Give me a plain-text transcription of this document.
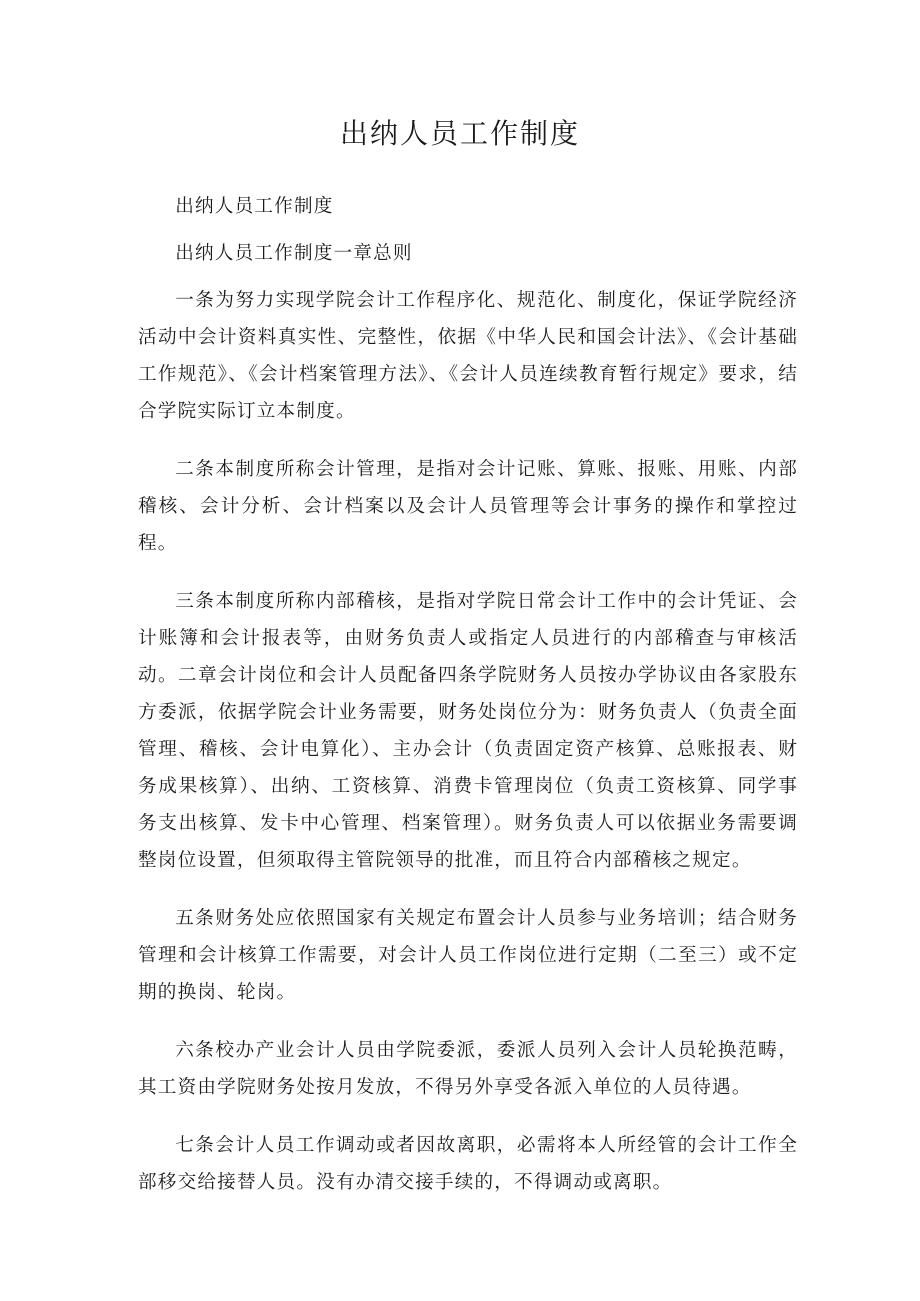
出纳人员工作制度

出纳人员工作制度

出纳人员工作制度一章总则

一条为努力实现学院会计工作程序化、规范化、制度化，保证学院经济活动中会计资料真实性、完整性，依据《中华人民和国会计法》、《会计基础工作规范》、《会计档案管理方法》、《会计人员连续教育暂行规定》要求，结合学院实际订立本制度。

二条本制度所称会计管理，是指对会计记账、算账、报账、用账、内部稽核、会计分析、会计档案以及会计人员管理等会计事务的操作和掌控过程。

三条本制度所称内部稽核，是指对学院日常会计工作中的会计凭证、会计账簿和会计报表等，由财务负责人或指定人员进行的内部稽查与审核活动。二章会计岗位和会计人员配备四条学院财务人员按办学协议由各家股东方委派，依据学院会计业务需要，财务处岗位分为：财务负责人（负责全面管理、稽核、会计电算化）、主办会计（负责固定资产核算、总账报表、财务成果核算）、出纳、工资核算、消费卡管理岗位（负责工资核算、同学事务支出核算、发卡中心管理、档案管理）。财务负责人可以依据业务需要调整岗位设置，但须取得主管院领导的批准，而且符合内部稽核之规定。

五条财务处应依照国家有关规定布置会计人员参与业务培训；结合财务管理和会计核算工作需要，对会计人员工作岗位进行定期（二至三）或不定期的换岗、轮岗。

六条校办产业会计人员由学院委派，委派人员列入会计人员轮换范畴，其工资由学院财务处按月发放，不得另外享受各派入单位的人员待遇。

七条会计人员工作调动或者因故离职，必需将本人所经管的会计工作全部移交给接替人员。没有办清交接手续的，不得调动或离职。
